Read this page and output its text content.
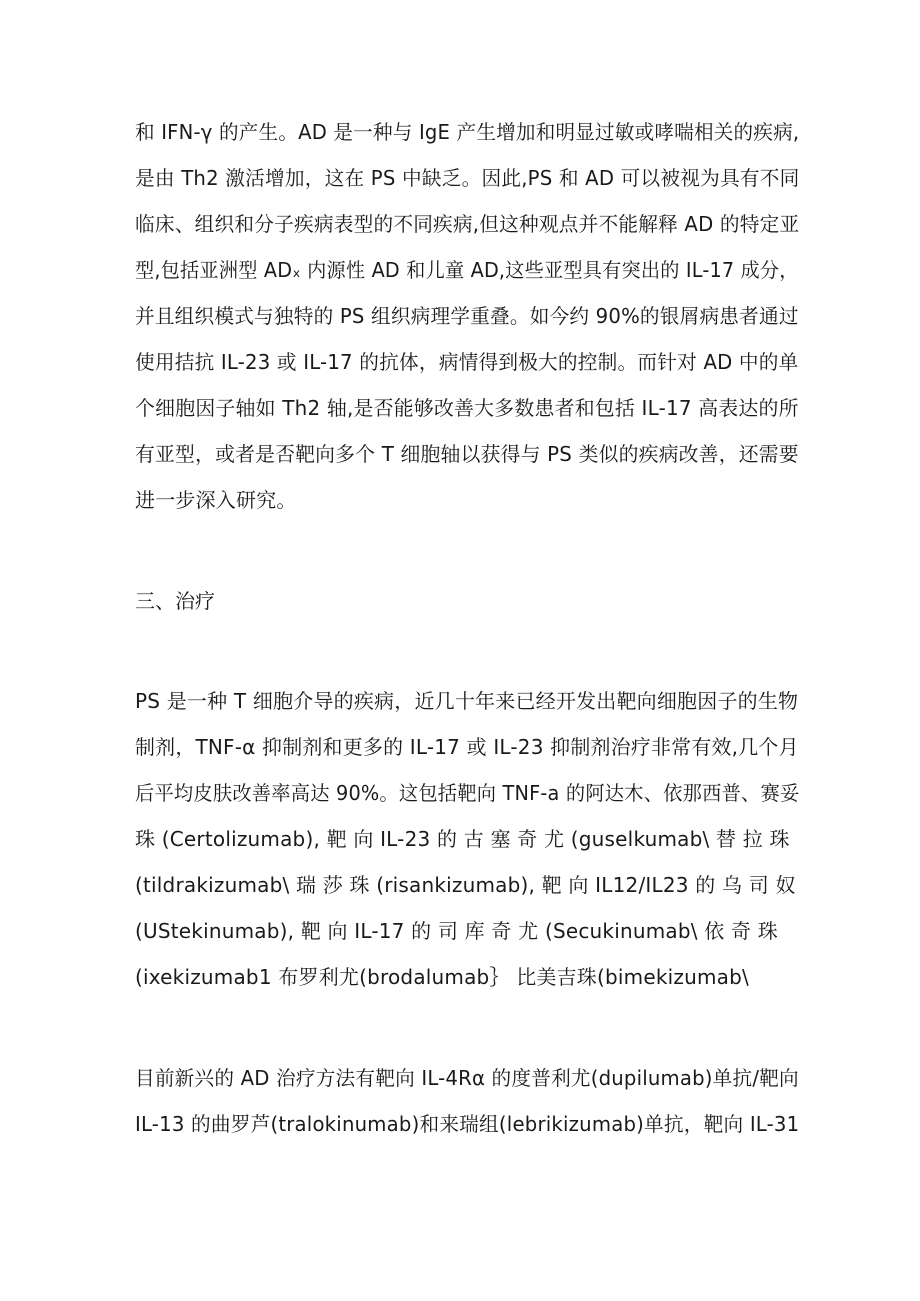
和 IFN-γ 的产生。AD 是一种与 IgE 产生增加和明显过敏或哮喘相关的疾病,

是由 Th2 激活增加，这在 PS 中缺乏。因此,PS 和 AD 可以被视为具有不同

临床、组织和分子疾病表型的不同疾病,但这种观点并不能解释 AD 的特定亚

型,包括亚洲型 ADₓ 内源性 AD 和儿童 AD,这些亚型具有突出的 IL-17 成分，

并且组织模式与独特的 PS 组织病理学重叠。如今约 90%的银屑病患者通过

使用拮抗 IL-23 或 IL-17 的抗体，病情得到极大的控制。而针对 AD 中的单

个细胞因子轴如 Th2 轴,是否能够改善大多数患者和包括 IL-17 高表达的所

有亚型，或者是否靶向多个 T 细胞轴以获得与 PS 类似的疾病改善，还需要

进一步深入研究。

三、治疗

PS 是一种 T 细胞介导的疾病，近几十年来已经开发出靶向细胞因子的生物

制剂，TNF-α 抑制剂和更多的 IL-17 或 IL-23 抑制剂治疗非常有效,几个月

后平均皮肤改善率高达 90%。这包括靶向 TNF-a 的阿达木、依那西普、赛妥

珠 (Certolizumab), 靶 向 IL-23 的 古 塞 奇 尤 (guselkumab\ 替 拉 珠

(tildrakizumab\ 瑞 莎 珠 (risankizumab), 靶 向 IL12/IL23 的 乌 司 奴

(UStekinumab), 靶 向 IL-17 的 司 库 奇 尤 (Secukinumab\ 依 奇 珠

(ixekizumab1 布罗利尤(brodalumab｝ 比美吉珠(bimekizumab\

目前新兴的 AD 治疗方法有靶向 IL-4Rα 的度普利尤(dupilumab)单抗/靶向

IL-13 的曲罗芦(tralokinumab)和来瑞组(lebrikizumab)单抗，靶向 IL-31
